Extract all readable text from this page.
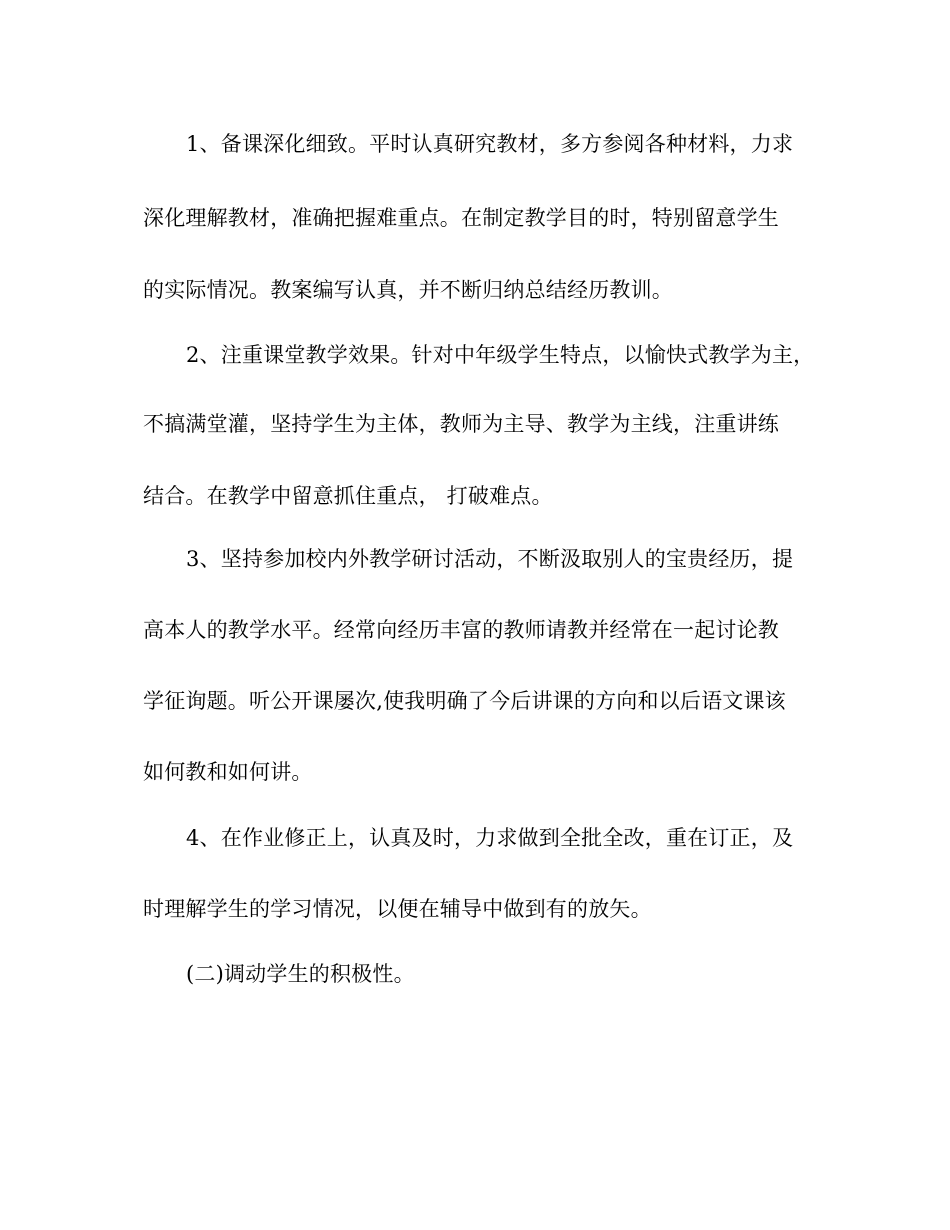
1、备课深化细致。平时认真研究教材，多方参阅各种材料，力求
深化理解教材，准确把握难重点。在制定教学目的时，特别留意学生
的实际情况。教案编写认真，并不断归纳总结经历教训。
2、注重课堂教学效果。针对中年级学生特点，以愉快式教学为主，
不搞满堂灌，坚持学生为主体，教师为主导、教学为主线，注重讲练
结合。在教学中留意抓住重点， 打破难点。
3、坚持参加校内外教学研讨活动，不断汲取别人的宝贵经历，提
高本人的教学水平。经常向经历丰富的教师请教并经常在一起讨论教
学征询题。听公开课屡次,使我明确了今后讲课的方向和以后语文课该
如何教和如何讲。
4、在作业修正上，认真及时，力求做到全批全改，重在订正，及
时理解学生的学习情况，以便在辅导中做到有的放矢。
(二)调动学生的积极性。
